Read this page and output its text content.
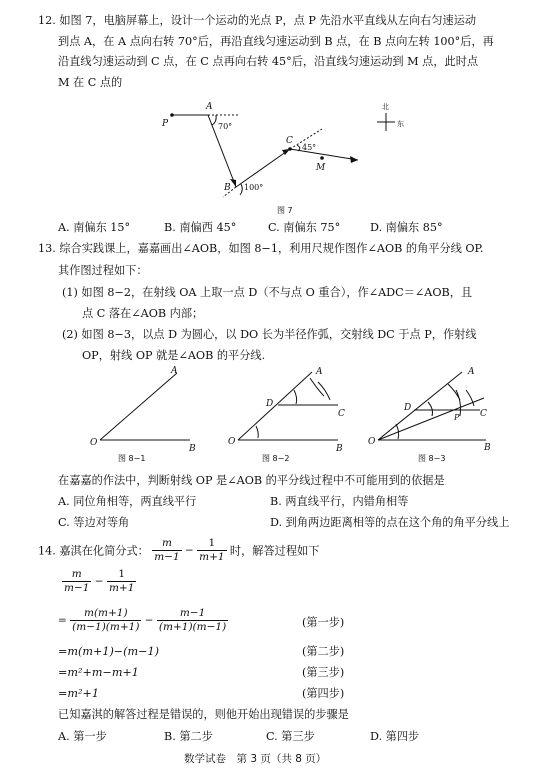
12. 如图 7，电脑屏幕上，设计一个运动的光点 P，点 P 先沿水平直线从左向右匀速运动
到点 A，在 A 点向右转 70°后，再沿直线匀速运动到 B 点，在 B 点向左转 100°后，再
沿直线匀速运动到 C 点，在 C 点再向右转 45°后，沿直线匀速运动到 M 点，此时点
M 在 C 点的
P
A
B
C
M
70°
100°
45°
北
东
图 7
A. 南偏东 15°	B. 南偏西 45°	C. 南偏东 75°	D. 南偏东 85°
13. 综合实践课上，嘉嘉画出∠AOB，如图 8−1，利用尺规作图作∠AOB 的角平分线 OP.
其作图过程如下：
(1) 如图 8−2，在射线 OA 上取一点 D（不与点 O 重合），作∠ADC＝∠AOB，且
点 C 落在∠AOB 内部；
(2) 如图 8−3，以点 D 为圆心，以 DO 长为半径作弧，交射线 DC 于点 P，作射线
OP，射线 OP 就是∠AOB 的平分线.
A
O
B
图 8−1
A
D
C
O
B
图 8−2
A
D
P C
O
B
图 8−3
在嘉嘉的作法中，判断射线 OP 是∠AOB 的平分线过程中不可能用到的依据是
A. 同位角相等，两直线平行	B. 两直线平行，内错角相等
C. 等边对等角	D. 到角两边距离相等的点在这个角的角平分线上
14. 嘉淇在化简分式： $\frac{m}{m-1} - \frac{1}{m+1}$ 时，解答过程如下
$\frac{m}{m-1} - \frac{1}{m+1}$
= $\frac{m(m+1)}{(m-1)(m+1)} - \frac{m-1}{(m+1)(m-1)}$	(第一步)
=m(m+1)−(m−1)	(第二步)
=m²+m−m+1	(第三步)
=m²+1	(第四步)
已知嘉淇的解答过程是错误的，则他开始出现错误的步骤是
A. 第一步	B. 第二步	C. 第三步	D. 第四步
数学试卷　第 3 页（共 8 页）
